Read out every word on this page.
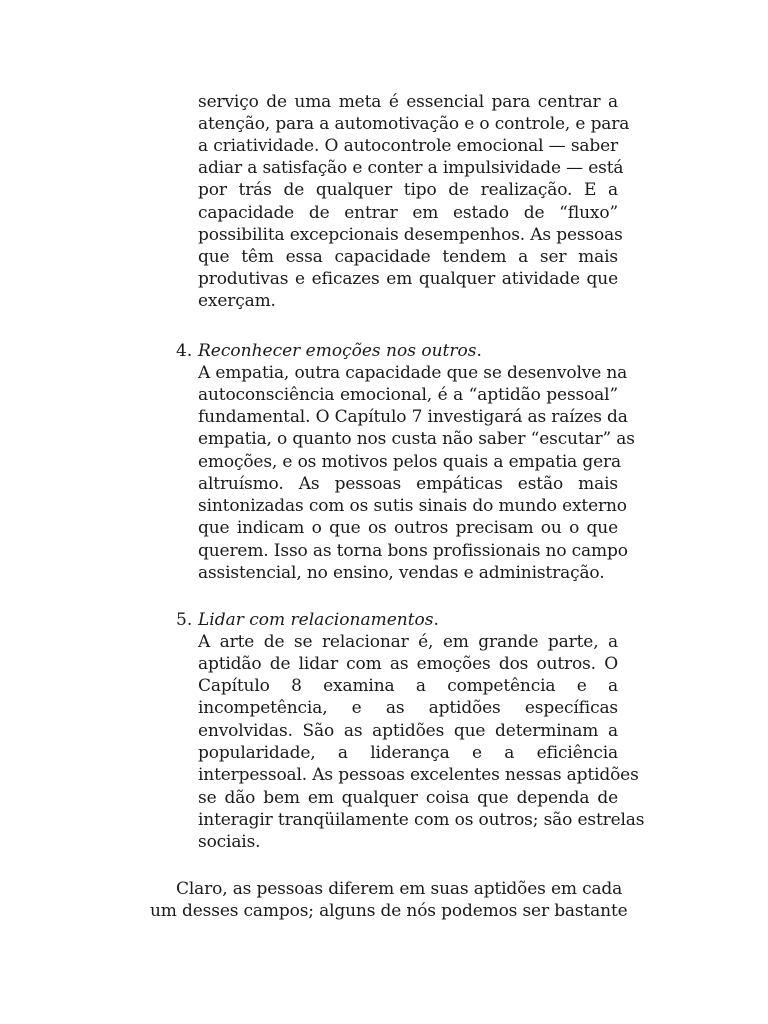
serviço de uma meta é essencial para centrar a
atenção, para a automotivação e o controle, e para
a criatividade. O autocontrole emocional — saber
adiar a satisfação e conter a impulsividade — está
por trás de qualquer tipo de realização. E a
capacidade de entrar em estado de “fluxo”
possibilita excepcionais desempenhos. As pessoas
que têm essa capacidade tendem a ser mais
produtivas e eficazes em qualquer atividade que
exerçam.
4. Reconhecer emoções nos outros.
A empatia, outra capacidade que se desenvolve na
autoconsciência emocional, é a “aptidão pessoal”
fundamental. O Capítulo 7 investigará as raízes da
empatia, o quanto nos custa não saber “escutar” as
emoções, e os motivos pelos quais a empatia gera
altruísmo. As pessoas empáticas estão mais
sintonizadas com os sutis sinais do mundo externo
que indicam o que os outros precisam ou o que
querem. Isso as torna bons profissionais no campo
assistencial, no ensino, vendas e administração.
5. Lidar com relacionamentos.
A arte de se relacionar é, em grande parte, a
aptidão de lidar com as emoções dos outros. O
Capítulo 8 examina a competência e a
incompetência, e as aptidões específicas
envolvidas. São as aptidões que determinam a
popularidade, a liderança e a eficiência
interpessoal. As pessoas excelentes nessas aptidões
se dão bem em qualquer coisa que dependa de
interagir tranqüilamente com os outros; são estrelas
sociais.
Claro, as pessoas diferem em suas aptidões em cada
um desses campos; alguns de nós podemos ser bastante
